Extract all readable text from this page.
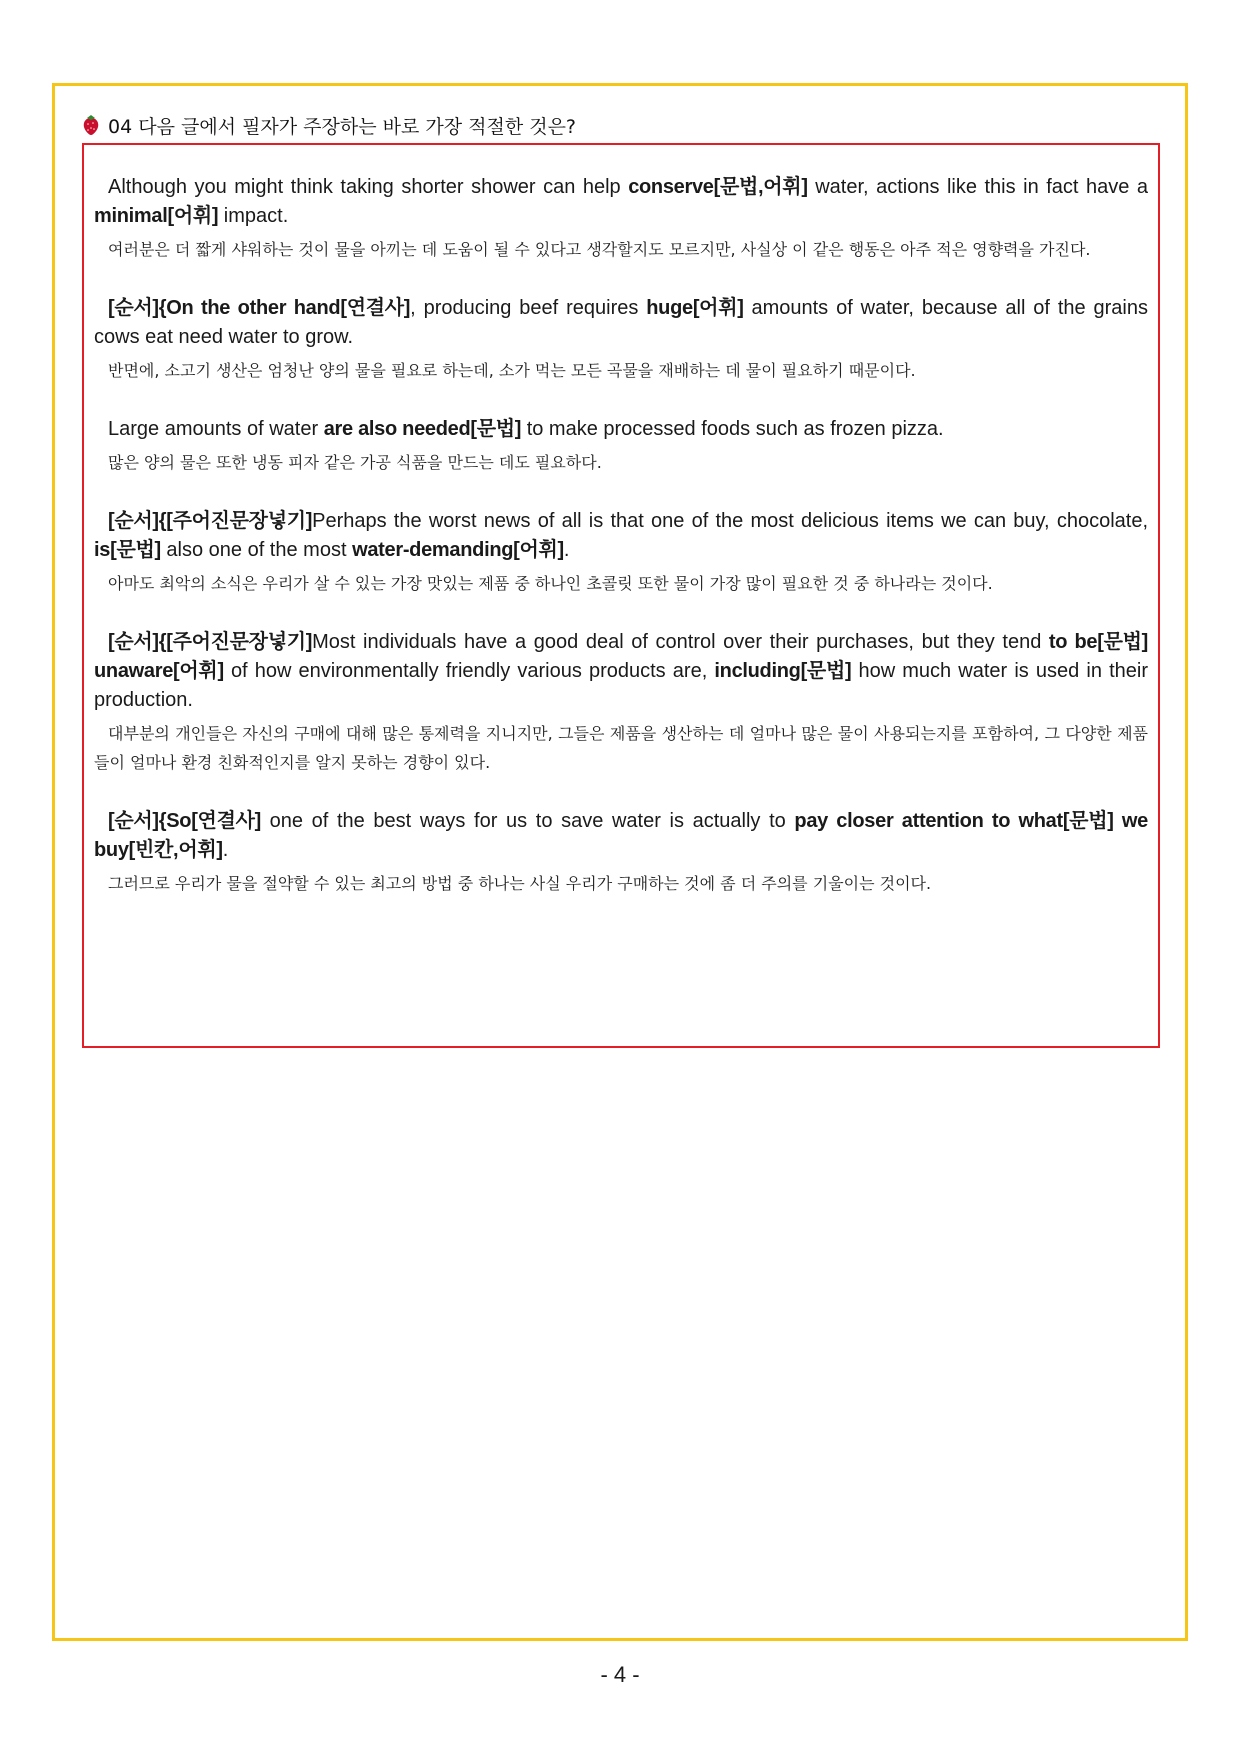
04 다음 글에서 필자가 주장하는 바로 가장 적절한 것은?

Although you might think taking shorter shower can help conserve[문법,어휘] water, actions like this in fact have a minimal[어휘] impact.

여러분은 더 짧게 샤워하는 것이 물을 아끼는 데 도움이 될 수 있다고 생각할지도 모르지만, 사실상 이 같은 행동은 아주 적은 영향력을 가진다.

[순서]{On the other hand[연결사], producing beef requires huge[어휘] amounts of water, because all of the grains cows eat need water to grow.

반면에, 소고기 생산은 엄청난 양의 물을 필요로 하는데, 소가 먹는 모든 곡물을 재배하는 데 물이 필요하기 때문이다.

Large amounts of water are also needed[문법] to make processed foods such as frozen pizza.

많은 양의 물은 또한 냉동 피자 같은 가공 식품을 만드는 데도 필요하다.

[순서]{[주어진문장넣기]Perhaps the worst news of all is that one of the most delicious items we can buy, chocolate, is[문법] also one of the most water-demanding[어휘].

아마도 최악의 소식은 우리가 살 수 있는 가장 맛있는 제품 중 하나인 초콜릿 또한 물이 가장 많이 필요한 것 중 하나라는 것이다.

[순서]{[주어진문장넣기]Most individuals have a good deal of control over their purchases, but they tend to be[문법] unaware[어휘] of how environmentally friendly various products are, including[문법] how much water is used in their production.

대부분의 개인들은 자신의 구매에 대해 많은 통제력을 지니지만, 그들은 제품을 생산하는 데 얼마나 많은 물이 사용되는지를 포함하여, 그 다양한 제품들이 얼마나 환경 친화적인지를 알지 못하는 경향이 있다.

[순서]{So[연결사] one of the best ways for us to save water is actually to pay closer attention to what[문법] we buy[빈칸,어휘].

그러므로 우리가 물을 절약할 수 있는 최고의 방법 중 하나는 사실 우리가 구매하는 것에 좀 더 주의를 기울이는 것이다.

- 4 -
